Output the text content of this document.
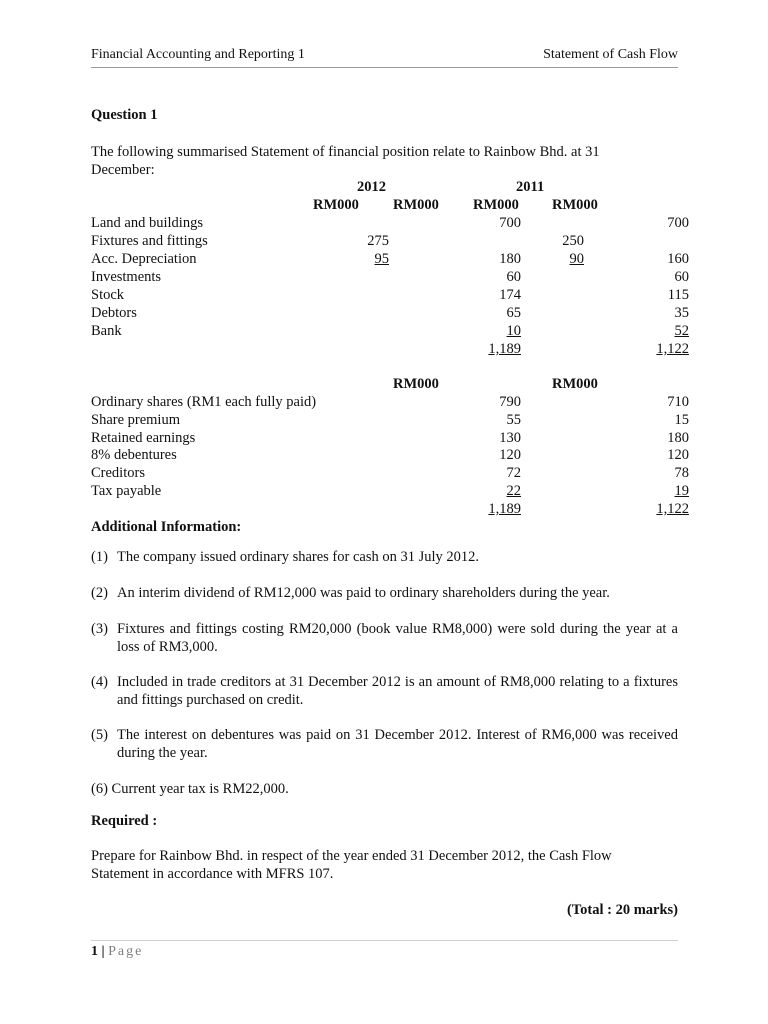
Financial Accounting and Reporting 1	Statement of Cash Flow
Question 1
The following summarised Statement of financial position relate to Rainbow Bhd. at 31 December:
2012	2011
RM000 RM000 RM000 RM000
Land and buildings	700	700
Fixtures and fittings	275	250
Acc. Depreciation	95	180	90	160
Investments	60	60
Stock	174	115
Debtors	65	35
Bank	10	52
1,189	1,122
RM000	RM000
Ordinary shares (RM1 each fully paid)	790	710
Share premium	55	15
Retained earnings	130	180
8% debentures	120	120
Creditors	72	78
Tax payable	22	19
1,189	1,122
Additional Information:
(1) The company issued ordinary shares for cash on 31 July 2012.
(2) An interim dividend of RM12,000 was paid to ordinary shareholders during the year.
(3) Fixtures and fittings costing RM20,000 (book value RM8,000) were sold during the year at a loss of RM3,000.
(4) Included in trade creditors at 31 December 2012 is an amount of RM8,000 relating to a fixtures and fittings purchased on credit.
(5) The interest on debentures was paid on 31 December 2012. Interest of RM6,000 was received during the year.
(6) Current year tax is RM22,000.
Required :
Prepare for Rainbow Bhd. in respect of the year ended 31 December 2012, the Cash Flow Statement in accordance with MFRS 107.
(Total : 20 marks)
1 | Page
